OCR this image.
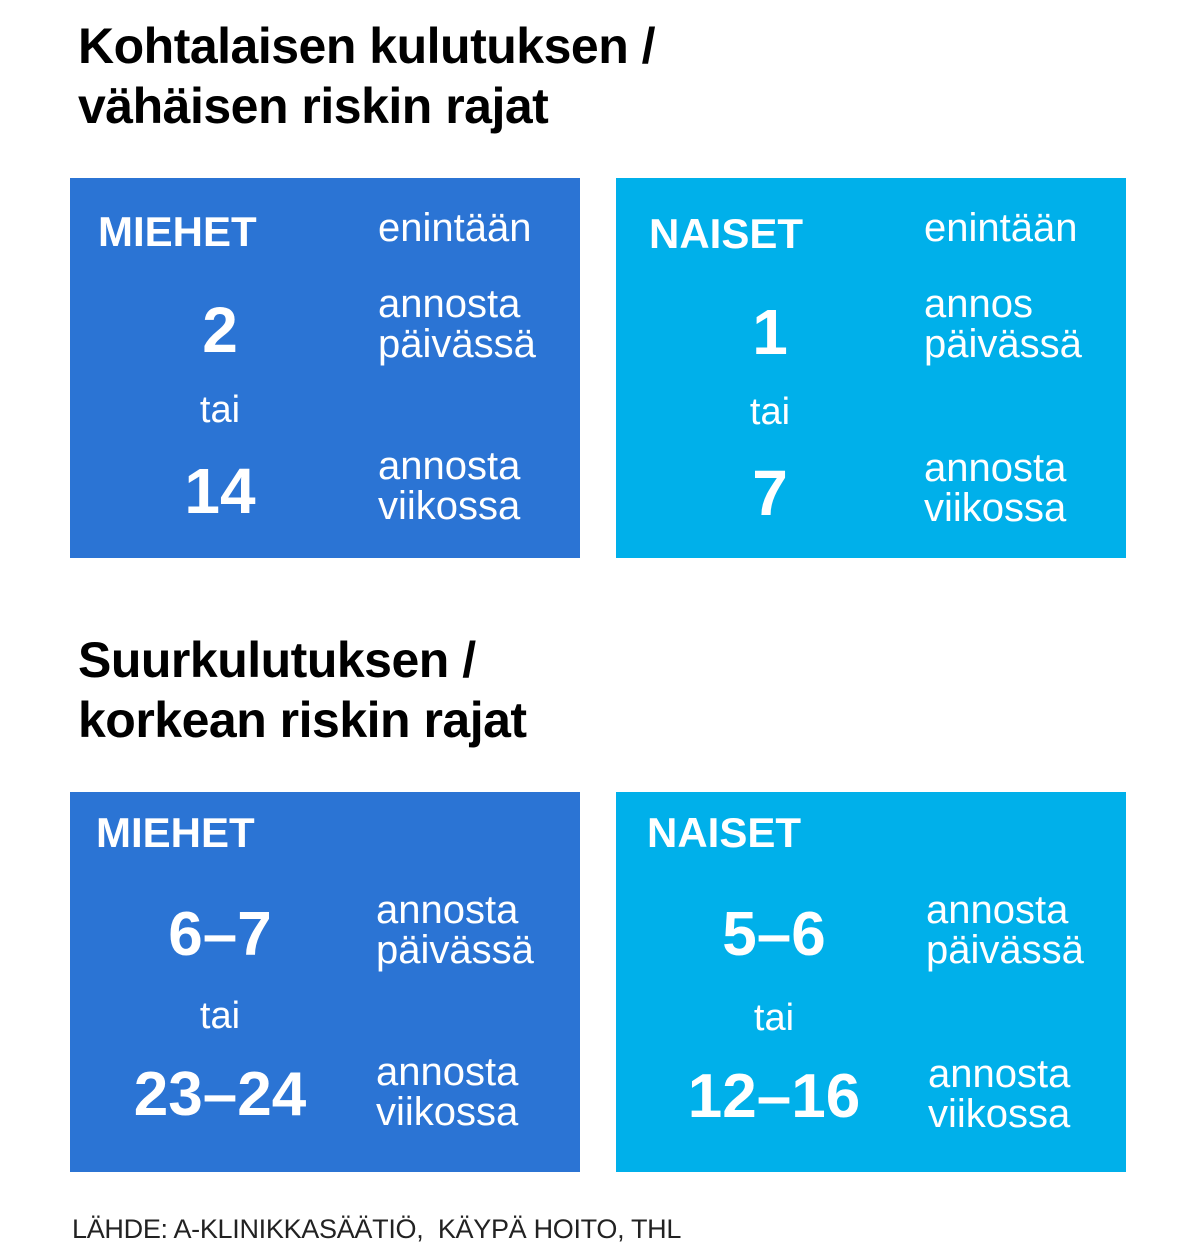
Kohtalaisen kulutuksen /
vähäisen riskin rajat
MIEHET	enintään
2	annosta
päivässä
tai
14	annosta
viikossa
NAISET	enintään
1	annos
päivässä
tai
7	annosta
viikossa
Suurkulutuksen /
korkean riskin rajat
MIEHET
6–7	annosta
päivässä
tai
23–24	annosta
viikossa
NAISET
5–6	annosta
päivässä
tai
12–16	annosta
viikossa
LÄHDE: A-KLINIKKASÄÄTIÖ,  KÄYPÄ HOITO, THL
